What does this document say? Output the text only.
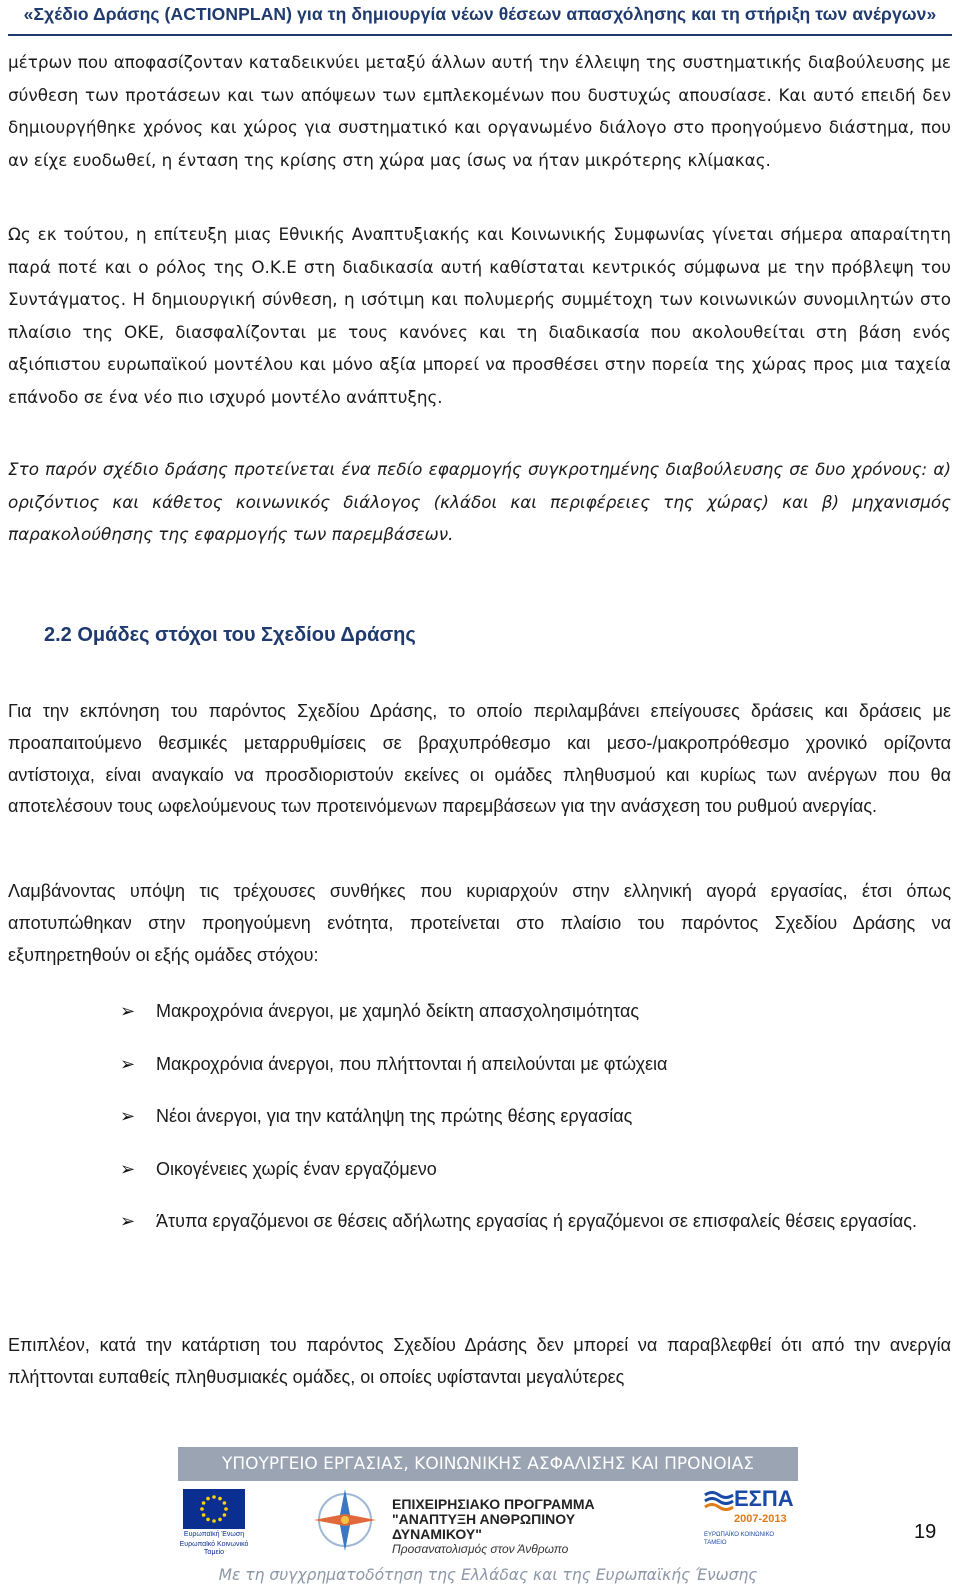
«Σχέδιο Δράσης (ACTIONPLAN) για τη δημιουργία νέων θέσεων απασχόλησης και τη στήριξη των ανέργων»

μέτρων που αποφασίζονταν καταδεικνύει μεταξύ άλλων αυτή την έλλειψη της συστηματικής διαβούλευσης με σύνθεση των προτάσεων και των απόψεων των εμπλεκομένων που δυστυχώς απουσίασε. Και αυτό επειδή δεν δημιουργήθηκε χρόνος και χώρος για συστηματικό και οργανωμένο διάλογο στο προηγούμενο διάστημα, που αν είχε ευοδωθεί, η ένταση της κρίσης στη χώρα μας ίσως να ήταν μικρότερης κλίμακας.

Ως εκ τούτου, η επίτευξη μιας Εθνικής Αναπτυξιακής και Κοινωνικής Συμφωνίας γίνεται σήμερα απαραίτητη παρά ποτέ και ο ρόλος της Ο.Κ.Ε στη διαδικασία αυτή καθίσταται κεντρικός σύμφωνα με την πρόβλεψη του Συντάγματος. Η δημιουργική σύνθεση, η ισότιμη και πολυμερής συμμέτοχη των κοινωνικών συνομιλητών στο πλαίσιο της ΟΚΕ, διασφαλίζονται με τους κανόνες και τη διαδικασία που ακολουθείται στη βάση ενός αξιόπιστου ευρωπαϊκού μοντέλου και μόνο αξία μπορεί να προσθέσει στην πορεία της χώρας προς μια ταχεία επάνοδο σε ένα νέο πιο ισχυρό μοντέλο ανάπτυξης.

Στο παρόν σχέδιο δράσης προτείνεται ένα πεδίο εφαρμογής συγκροτημένης διαβούλευσης σε δυο χρόνους: α) οριζόντιος και κάθετος κοινωνικός διάλογος (κλάδοι και περιφέρειες της χώρας) και β) μηχανισμός παρακολούθησης της εφαρμογής των παρεμβάσεων.

2.2 Ομάδες στόχοι του Σχεδίου Δράσης

Για την εκπόνηση του παρόντος Σχεδίου Δράσης, το οποίο περιλαμβάνει επείγουσες δράσεις και δράσεις με προαπαιτούμενο θεσμικές μεταρρυθμίσεις σε βραχυπρόθεσμο και μεσο-/μακροπρόθεσμο χρονικό ορίζοντα αντίστοιχα, είναι αναγκαίο να προσδιοριστούν εκείνες οι ομάδες πληθυσμού και κυρίως των ανέργων που θα αποτελέσουν τους ωφελούμενους των προτεινόμενων παρεμβάσεων για την ανάσχεση του ρυθμού ανεργίας.

Λαμβάνοντας υπόψη τις τρέχουσες συνθήκες που κυριαρχούν στην ελληνική αγορά εργασίας, έτσι όπως αποτυπώθηκαν στην προηγούμενη ενότητα, προτείνεται στο πλαίσιο του παρόντος Σχεδίου Δράσης να εξυπηρετηθούν οι εξής ομάδες στόχου:

➢ Μακροχρόνια άνεργοι, με χαμηλό δείκτη απασχολησιμότητας
➢ Μακροχρόνια άνεργοι, που πλήττονται ή απειλούνται με φτώχεια
➢ Νέοι άνεργοι, για την κατάληψη της πρώτης θέσης εργασίας
➢ Οικογένειες χωρίς έναν εργαζόμενο
➢ Άτυπα εργαζόμενοι σε θέσεις αδήλωτης εργασίας ή εργαζόμενοι σε επισφαλείς θέσεις εργασίας.

Επιπλέον, κατά την κατάρτιση του παρόντος Σχεδίου Δράσης δεν μπορεί να παραβλεφθεί ότι από την ανεργία πλήττονται ευπαθείς πληθυσμιακές ομάδες, οι οποίες υφίστανται μεγαλύτερες

ΥΠΟΥΡΓΕΙΟ ΕΡΓΑΣΙΑΣ, ΚΟΙΝΩΝΙΚΗΣ ΑΣΦΑΛΙΣΗΣ ΚΑΙ ΠΡΟΝΟΙΑΣ
Ευρωπαϊκή Ένωση
Ευρωπαϊκό Κοινωνικό Ταμείο
ΕΠΙΧΕΙΡΗΣΙΑΚΟ ΠΡΟΓΡΑΜΜΑ
"ΑΝΑΠΤΥΞΗ ΑΝΘΡΩΠΙΝΟΥ ΔΥΝΑΜΙΚΟΥ"
Προσανατολισμός στον Άνθρωπο
ΕΣΠΑ
2007-2013
ΕΥΡΩΠΑΪΚΟ ΚΟΙΝΩΝΙΚΟ ΤΑΜΕΙΟ
Με τη συγχρηματοδότηση της Ελλάδας και της Ευρωπαϊκής Ένωσης
19
